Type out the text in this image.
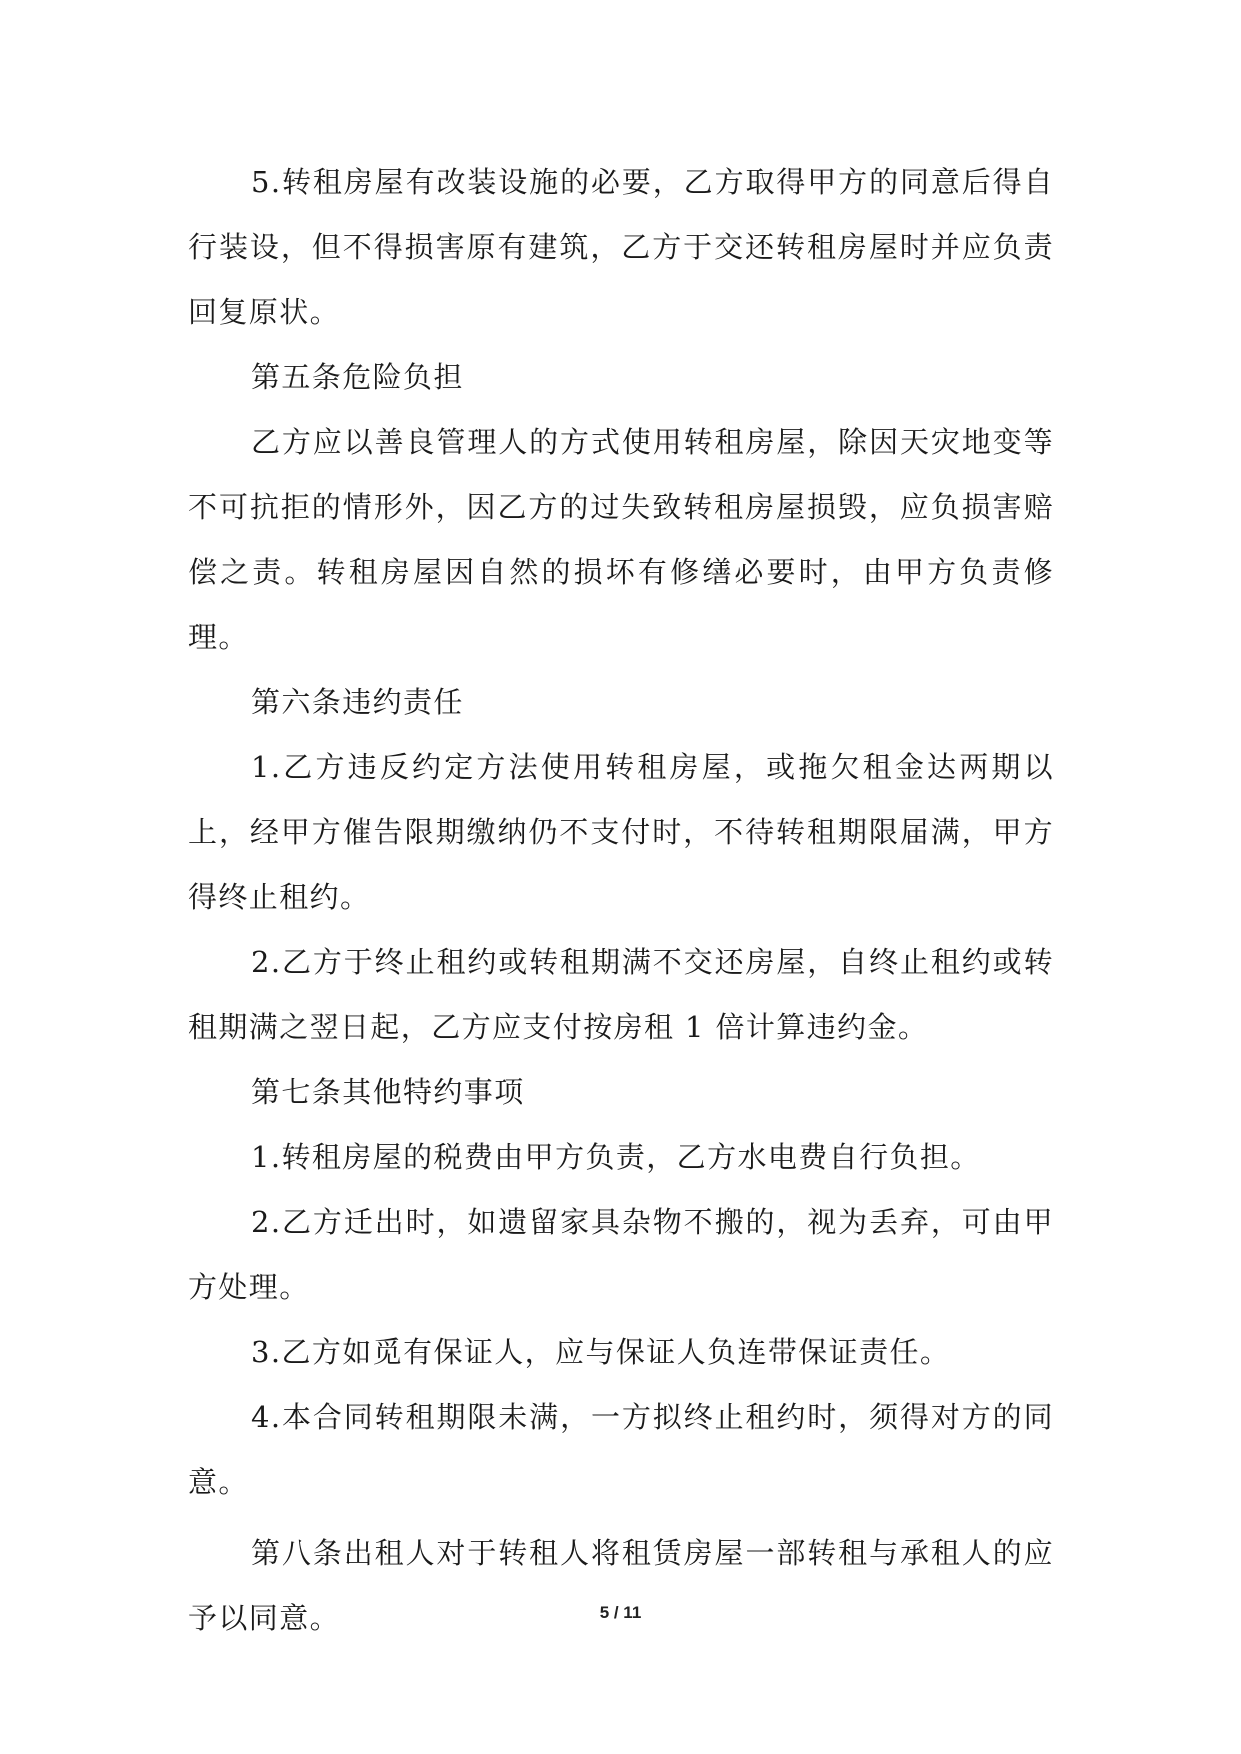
5.转租房屋有改装设施的必要，乙方取得甲方的同意后得自行装设，但不得损害原有建筑，乙方于交还转租房屋时并应负责回复原状。

第五条危险负担

乙方应以善良管理人的方式使用转租房屋，除因天灾地变等不可抗拒的情形外，因乙方的过失致转租房屋损毁，应负损害赔偿之责。转租房屋因自然的损坏有修缮必要时，由甲方负责修理。

第六条违约责任

1.乙方违反约定方法使用转租房屋，或拖欠租金达两期以上，经甲方催告限期缴纳仍不支付时，不待转租期限届满，甲方得终止租约。

2.乙方于终止租约或转租期满不交还房屋，自终止租约或转租期满之翌日起，乙方应支付按房租 1 倍计算违约金。

第七条其他特约事项

1.转租房屋的税费由甲方负责，乙方水电费自行负担。

2.乙方迁出时，如遗留家具杂物不搬的，视为丢弃，可由甲方处理。

3.乙方如觅有保证人，应与保证人负连带保证责任。

4.本合同转租期限未满，一方拟终止租约时，须得对方的同意。

第八条出租人对于转租人将租赁房屋一部转租与承租人的应予以同意。	5 / 11
